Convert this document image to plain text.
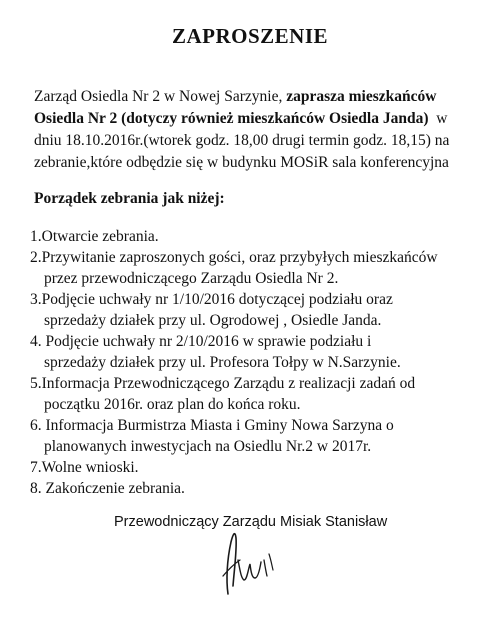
ZAPROSZENIE
Zarząd Osiedla Nr 2 w Nowej Sarzynie, zaprasza mieszkańców
Osiedla Nr 2 (dotyczy również mieszkańców Osiedla Janda)  w
dniu 18.10.2016r.(wtorek godz. 18,00 drugi termin godz. 18,15) na
zebranie,które odbędzie się w budynku MOSiR sala konferencyjna
Porządek zebrania jak niżej:
1.Otwarcie zebrania.
2.Przywitanie zaproszonych gości, oraz przybyłych mieszkańców
przez przewodniczącego Zarządu Osiedla Nr 2.
3.Podjęcie uchwały nr 1/10/2016 dotyczącej podziału oraz
sprzedaży działek przy ul. Ogrodowej , Osiedle Janda.
4. Podjęcie uchwały nr 2/10/2016 w sprawie podziału i
sprzedaży działek przy ul. Profesora Tołpy w N.Sarzynie.
5.Informacja Przewodniczącego Zarządu z realizacji zadań od
początku 2016r. oraz plan do końca roku.
6. Informacja Burmistrza Miasta i Gminy Nowa Sarzyna o
planowanych inwestycjach na Osiedlu Nr.2 w 2017r.
7.Wolne wnioski.
8. Zakończenie zebrania.
Przewodniczący Zarządu Misiak Stanisław
